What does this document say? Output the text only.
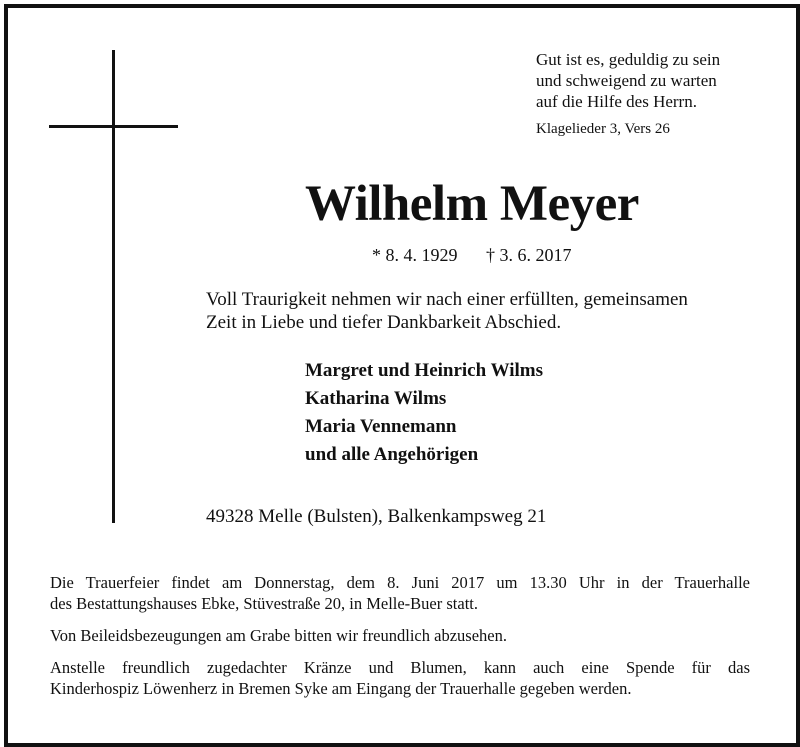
Gut ist es, geduldig zu sein
und schweigend zu warten
auf die Hilfe des Herrn.
Klagelieder 3, Vers 26
Wilhelm Meyer
* 8. 4. 1929 † 3. 6. 2017
Voll Traurigkeit nehmen wir nach einer erfüllten, gemeinsamen
Zeit in Liebe und tiefer Dankbarkeit Abschied.
Margret und Heinrich Wilms
Katharina Wilms
Maria Vennemann
und alle Angehörigen
49328 Melle (Bulsten), Balkenkampsweg 21

Die Trauerfeier findet am Donnerstag, dem 8. Juni 2017 um 13.30 Uhr in der Trauerhalle
des Bestattungshauses Ebke, Stüvestraße 20, in Melle-Buer statt.

Von Beileidsbezeugungen am Grabe bitten wir freundlich abzusehen.

Anstelle freundlich zugedachter Kränze und Blumen, kann auch eine Spende für das
Kinderhospiz Löwenherz in Bremen Syke am Eingang der Trauerhalle gegeben werden.
